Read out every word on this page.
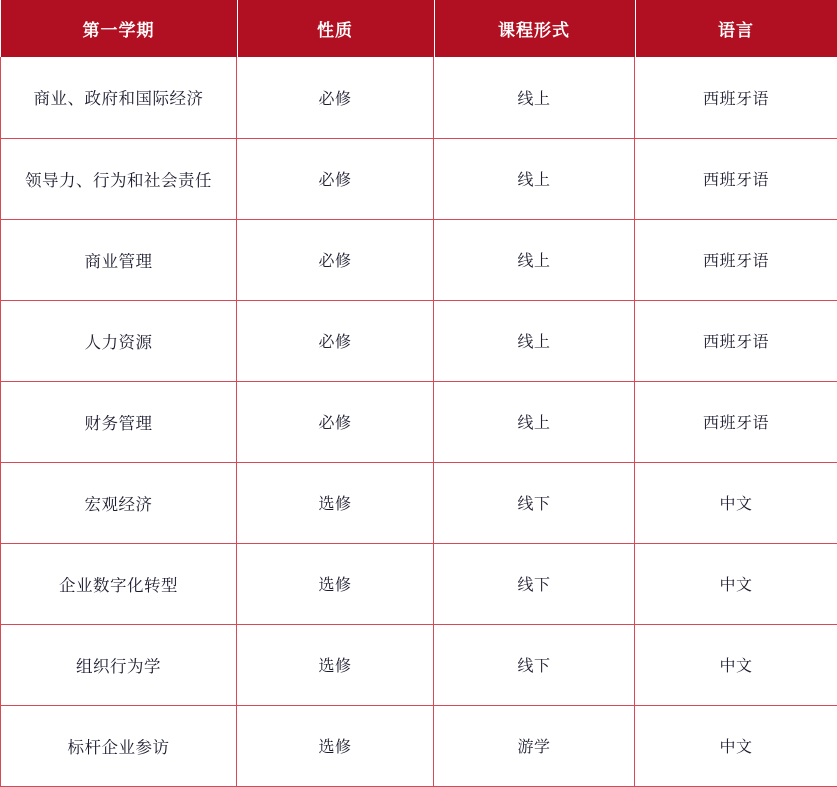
第一学期	性质	课程形式	语言
商业、政府和国际经济	必修	线上	西班牙语
领导力、行为和社会责任	必修	线上	西班牙语
商业管理	必修	线上	西班牙语
人力资源	必修	线上	西班牙语
财务管理	必修	线上	西班牙语
宏观经济	选修	线下	中文
企业数字化转型	选修	线下	中文
组织行为学	选修	线下	中文
标杆企业参访	选修	游学	中文
